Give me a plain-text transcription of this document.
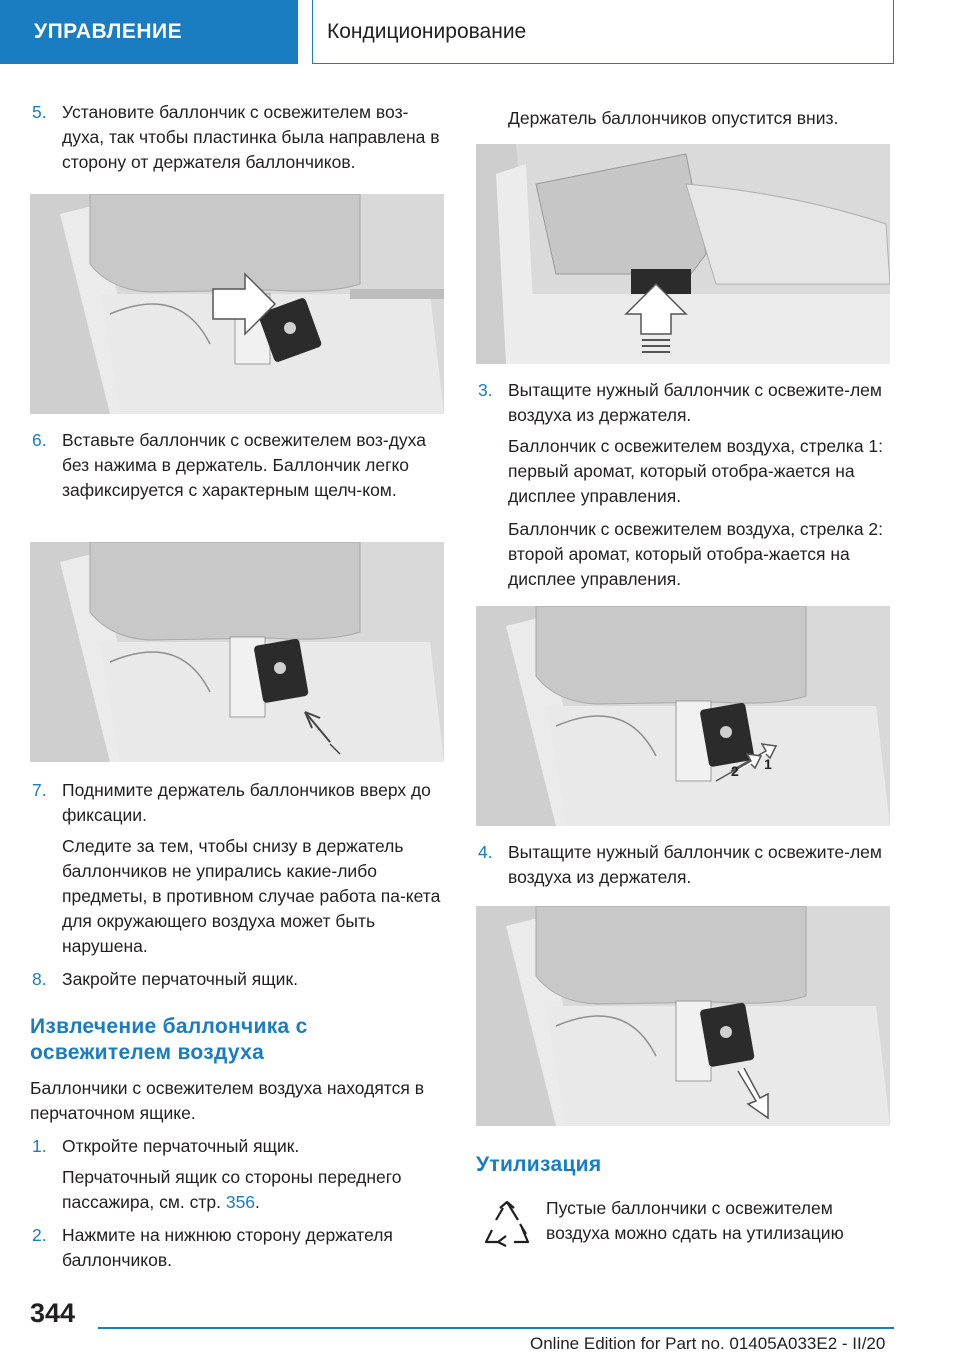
УПРАВЛЕНИЕ	Кондиционирование
5. Установите баллончик с освежителем воз-духа, так чтобы пластинка была направлена в сторону от держателя баллончиков.
6. Вставьте баллончик с освежителем воз-духа без нажима в держатель. Баллончик легко зафиксируется с характерным щелч-ком.
7. Поднимите держатель баллончиков вверх до фиксации.
Следите за тем, чтобы снизу в держатель баллончиков не упирались какие-либо предметы, в противном случае работа па-кета для окружающего воздуха может быть нарушена.
8. Закройте перчаточный ящик.
Извлечение баллончика с освежителем воздуха
Баллончики с освежителем воздуха находятся в перчаточном ящике.
1. Откройте перчаточный ящик.
Перчаточный ящик со стороны переднего пассажира, см. стр. 356.
2. Нажмите на нижнюю сторону держателя баллончиков.
Держатель баллончиков опустится вниз.
3. Вытащите нужный баллончик с освежите-лем воздуха из держателя.
Баллончик с освежителем воздуха, стрелка 1: первый аромат, который отобра-жается на дисплее управления.
Баллончик с освежителем воздуха, стрелка 2: второй аромат, который отобра-жается на дисплее управления.
1
2
4. Вытащите нужный баллончик с освежите-лем воздуха из держателя.
Утилизация
Пустые баллончики с освежителем воздуха можно сдать на утилизацию
344
Online Edition for Part no. 01405A033E2 - II/20
